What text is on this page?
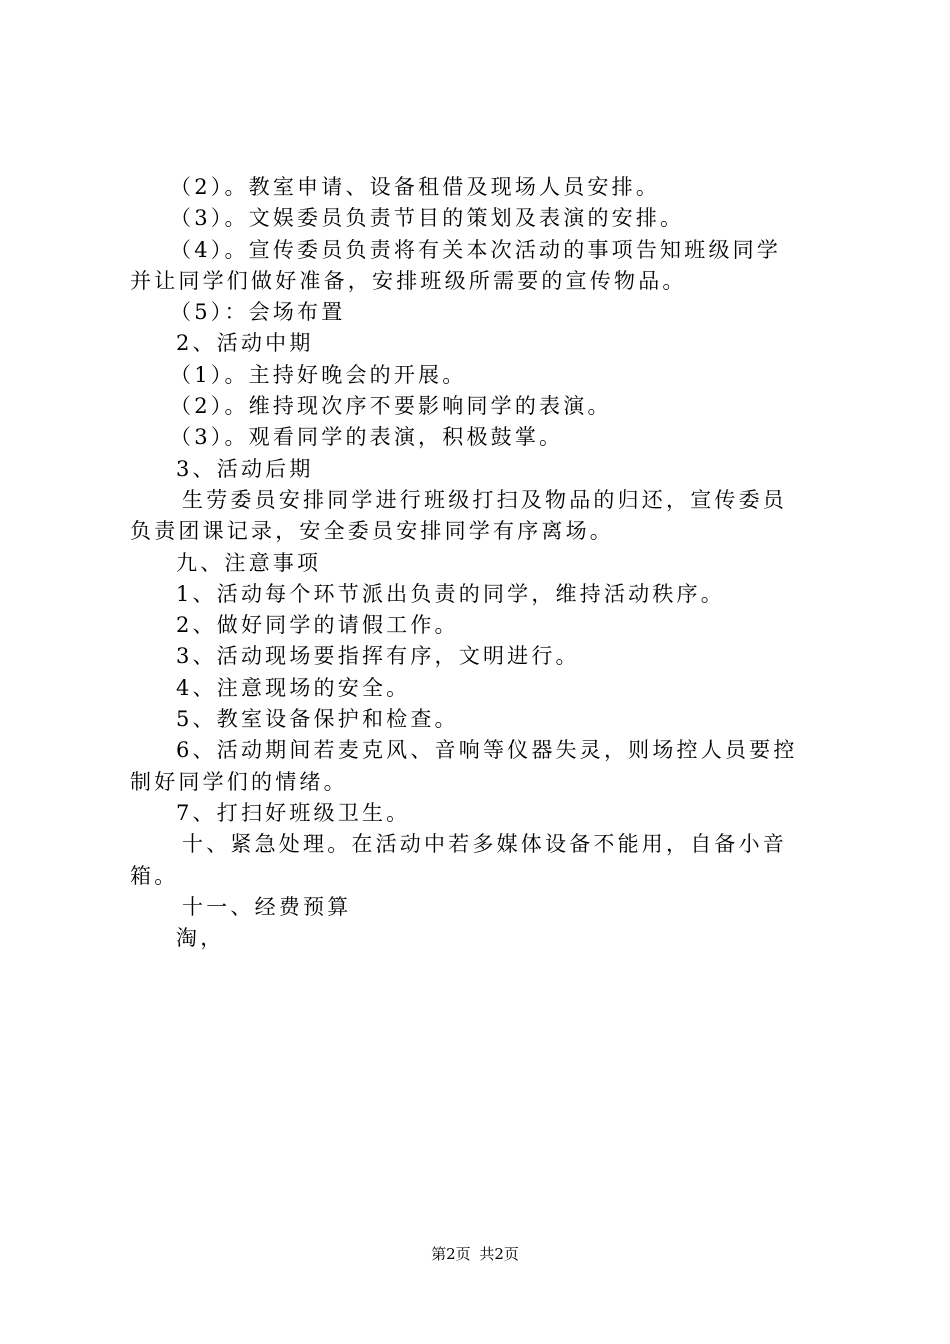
（2）。教室申请、设备租借及现场人员安排。
（3）。文娱委员负责节目的策划及表演的安排。
（4）。宣传委员负责将有关本次活动的事项告知班级同学
并让同学们做好准备，安排班级所需要的宣传物品。
（5）：会场布置
2、活动中期
（1）。主持好晚会的开展。
（2）。维持现次序不要影响同学的表演。
（3）。观看同学的表演，积极鼓掌。
3、活动后期
生劳委员安排同学进行班级打扫及物品的归还，宣传委员
负责团课记录，安全委员安排同学有序离场。
九、注意事项
1、活动每个环节派出负责的同学，维持活动秩序。
2、做好同学的请假工作。
3、活动现场要指挥有序，文明进行。
4、注意现场的安全。
5、教室设备保护和检查。
6、活动期间若麦克风、音响等仪器失灵，则场控人员要控
制好同学们的情绪。
7、打扫好班级卫生。
十、紧急处理。在活动中若多媒体设备不能用，自备小音
箱。
十一、经费预算
淘，
第2页 共2页
